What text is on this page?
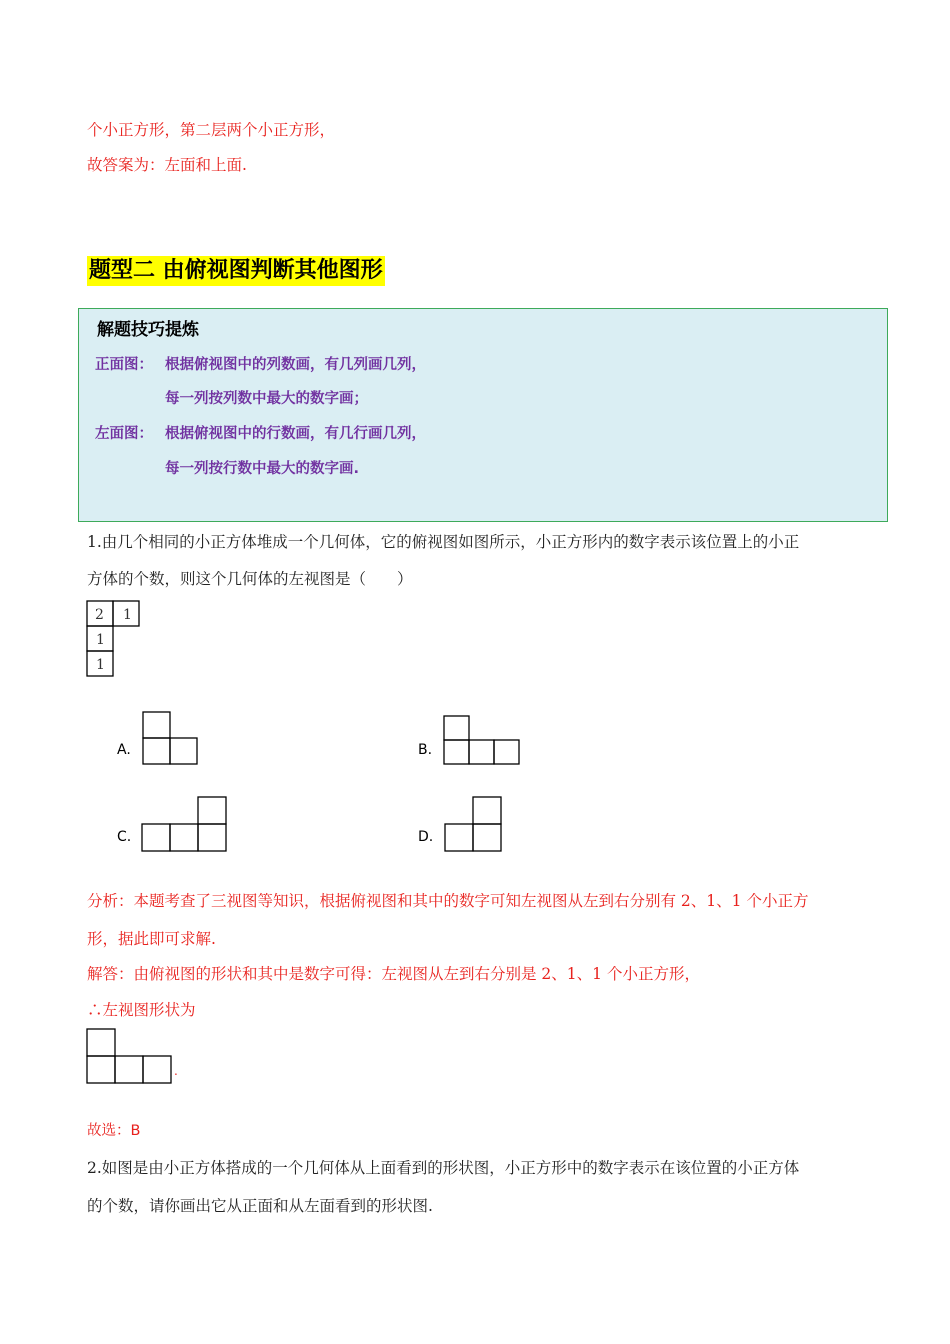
个小正方形，第二层两个小正方形，
故答案为：左面和上面.
题型二 由俯视图判断其他图形
解题技巧提炼
正面图： 根据俯视图中的列数画，有几列画几列，
每一列按列数中最大的数字画；
左面图： 根据俯视图中的行数画，有几行画几列，
每一列按行数中最大的数字画.
1.由几个相同的小正方体堆成一个几何体，它的俯视图如图所示，小正方形内的数字表示该位置上的小正
方体的个数，则这个几何体的左视图是（　　）
2 1
1
1
A.	B.
C.	D.
分析：本题考查了三视图等知识，根据俯视图和其中的数字可知左视图从左到右分别有 2、1、1 个小正方
形，据此即可求解.
解答：由俯视图的形状和其中是数字可得：左视图从左到右分别是 2、1、1 个小正方形，
∴左视图形状为
.
故选：B
2.如图是由小正方体搭成的一个几何体从上面看到的形状图，小正方形中的数字表示在该位置的小正方体
的个数，请你画出它从正面和从左面看到的形状图.
